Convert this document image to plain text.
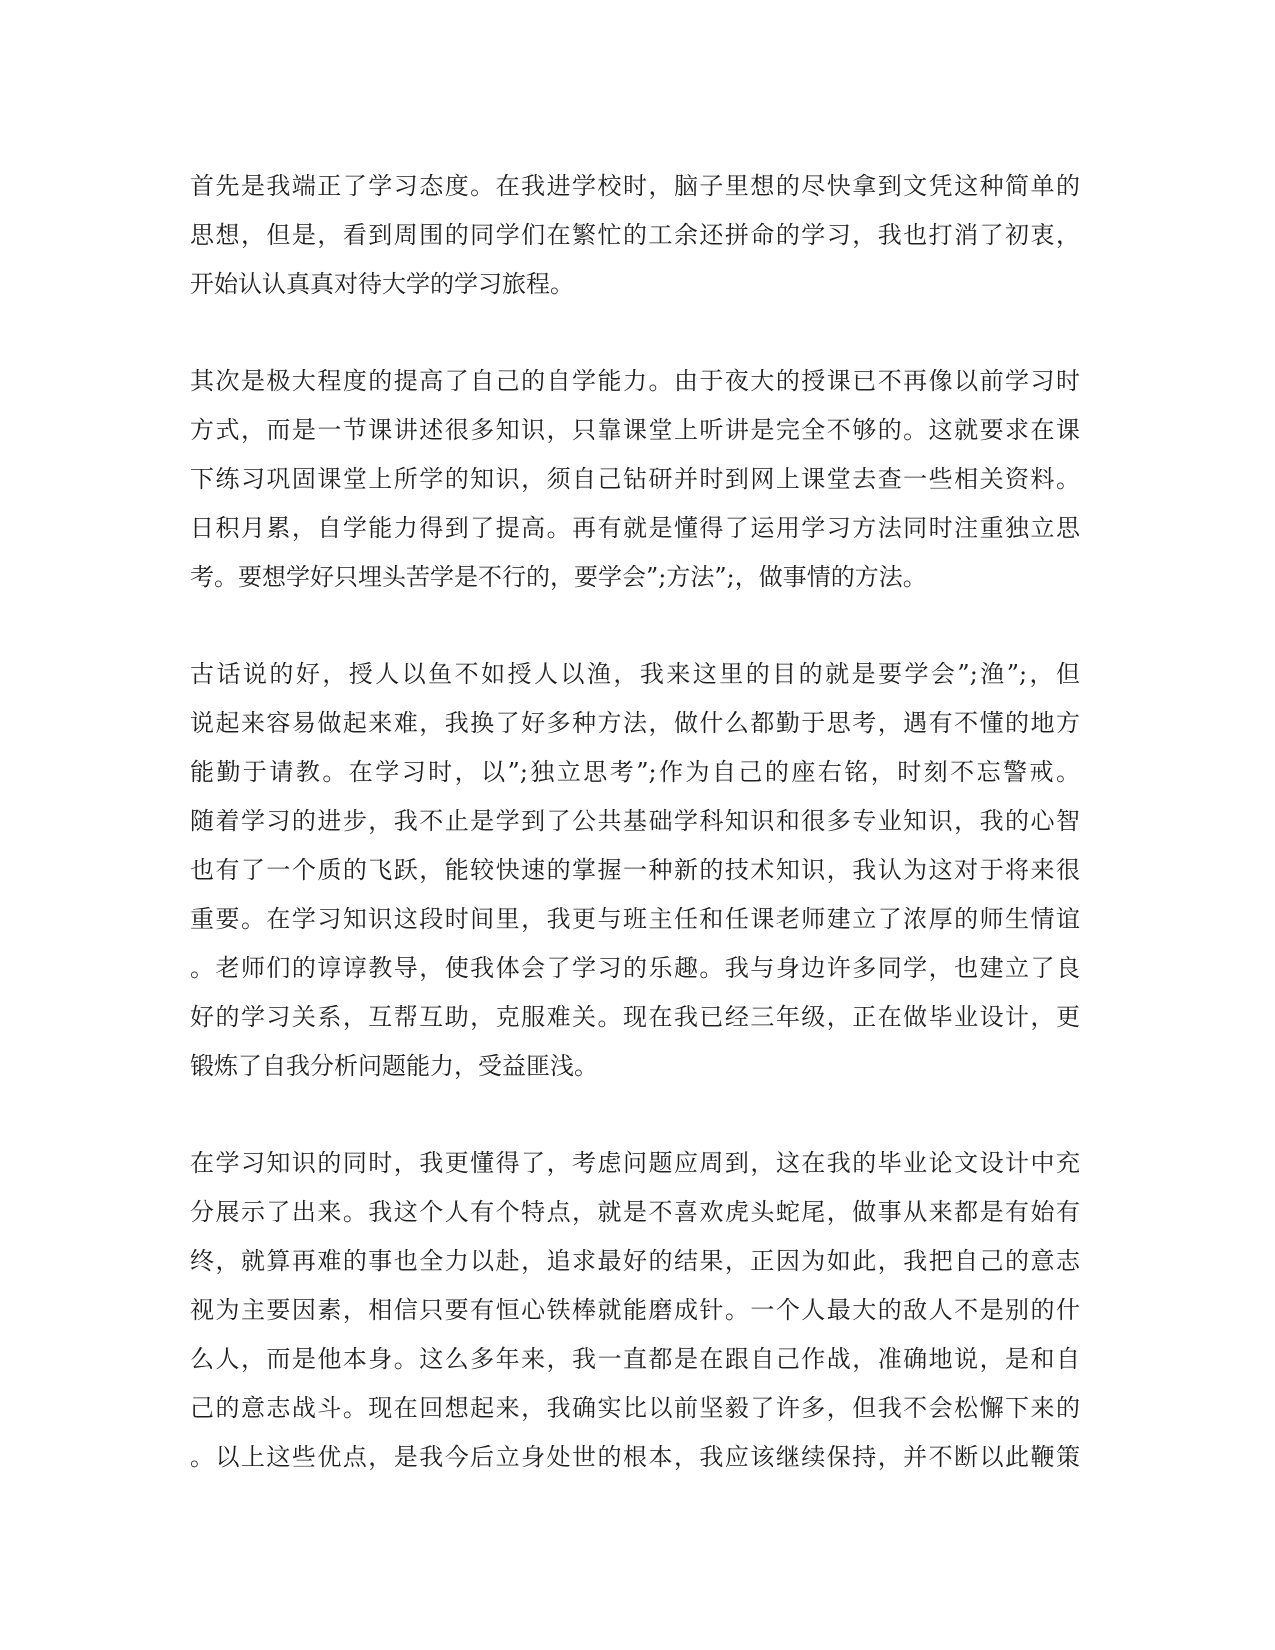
首先是我端正了学习态度。在我进学校时，脑子里想的尽快拿到文凭这种简单的
思想，但是，看到周围的同学们在繁忙的工余还拼命的学习，我也打消了初衷，
开始认认真真对待大学的学习旅程。
其次是极大程度的提高了自己的自学能力。由于夜大的授课已不再像以前学习时
方式，而是一节课讲述很多知识，只靠课堂上听讲是完全不够的。这就要求在课
下练习巩固课堂上所学的知识，须自己钻研并时到网上课堂去查一些相关资料。
日积月累，自学能力得到了提高。再有就是懂得了运用学习方法同时注重独立思
考。要想学好只埋头苦学是不行的，要学会”;方法”;，做事情的方法。
古话说的好，授人以鱼不如授人以渔，我来这里的目的就是要学会”;渔”;，但
说起来容易做起来难，我换了好多种方法，做什么都勤于思考，遇有不懂的地方
能勤于请教。在学习时，以”;独立思考”;作为自己的座右铭，时刻不忘警戒。
随着学习的进步，我不止是学到了公共基础学科知识和很多专业知识，我的心智
也有了一个质的飞跃，能较快速的掌握一种新的技术知识，我认为这对于将来很
重要。在学习知识这段时间里，我更与班主任和任课老师建立了浓厚的师生情谊
。老师们的谆谆教导，使我体会了学习的乐趣。我与身边许多同学，也建立了良
好的学习关系，互帮互助，克服难关。现在我已经三年级，正在做毕业设计，更
锻炼了自我分析问题能力，受益匪浅。
在学习知识的同时，我更懂得了，考虑问题应周到，这在我的毕业论文设计中充
分展示了出来。我这个人有个特点，就是不喜欢虎头蛇尾，做事从来都是有始有
终，就算再难的事也全力以赴，追求最好的结果，正因为如此，我把自己的意志
视为主要因素，相信只要有恒心铁棒就能磨成针。一个人最大的敌人不是别的什
么人，而是他本身。这么多年来，我一直都是在跟自己作战，准确地说，是和自
己的意志战斗。现在回想起来，我确实比以前坚毅了许多，但我不会松懈下来的
。以上这些优点，是我今后立身处世的根本，我应该继续保持，并不断以此鞭策
